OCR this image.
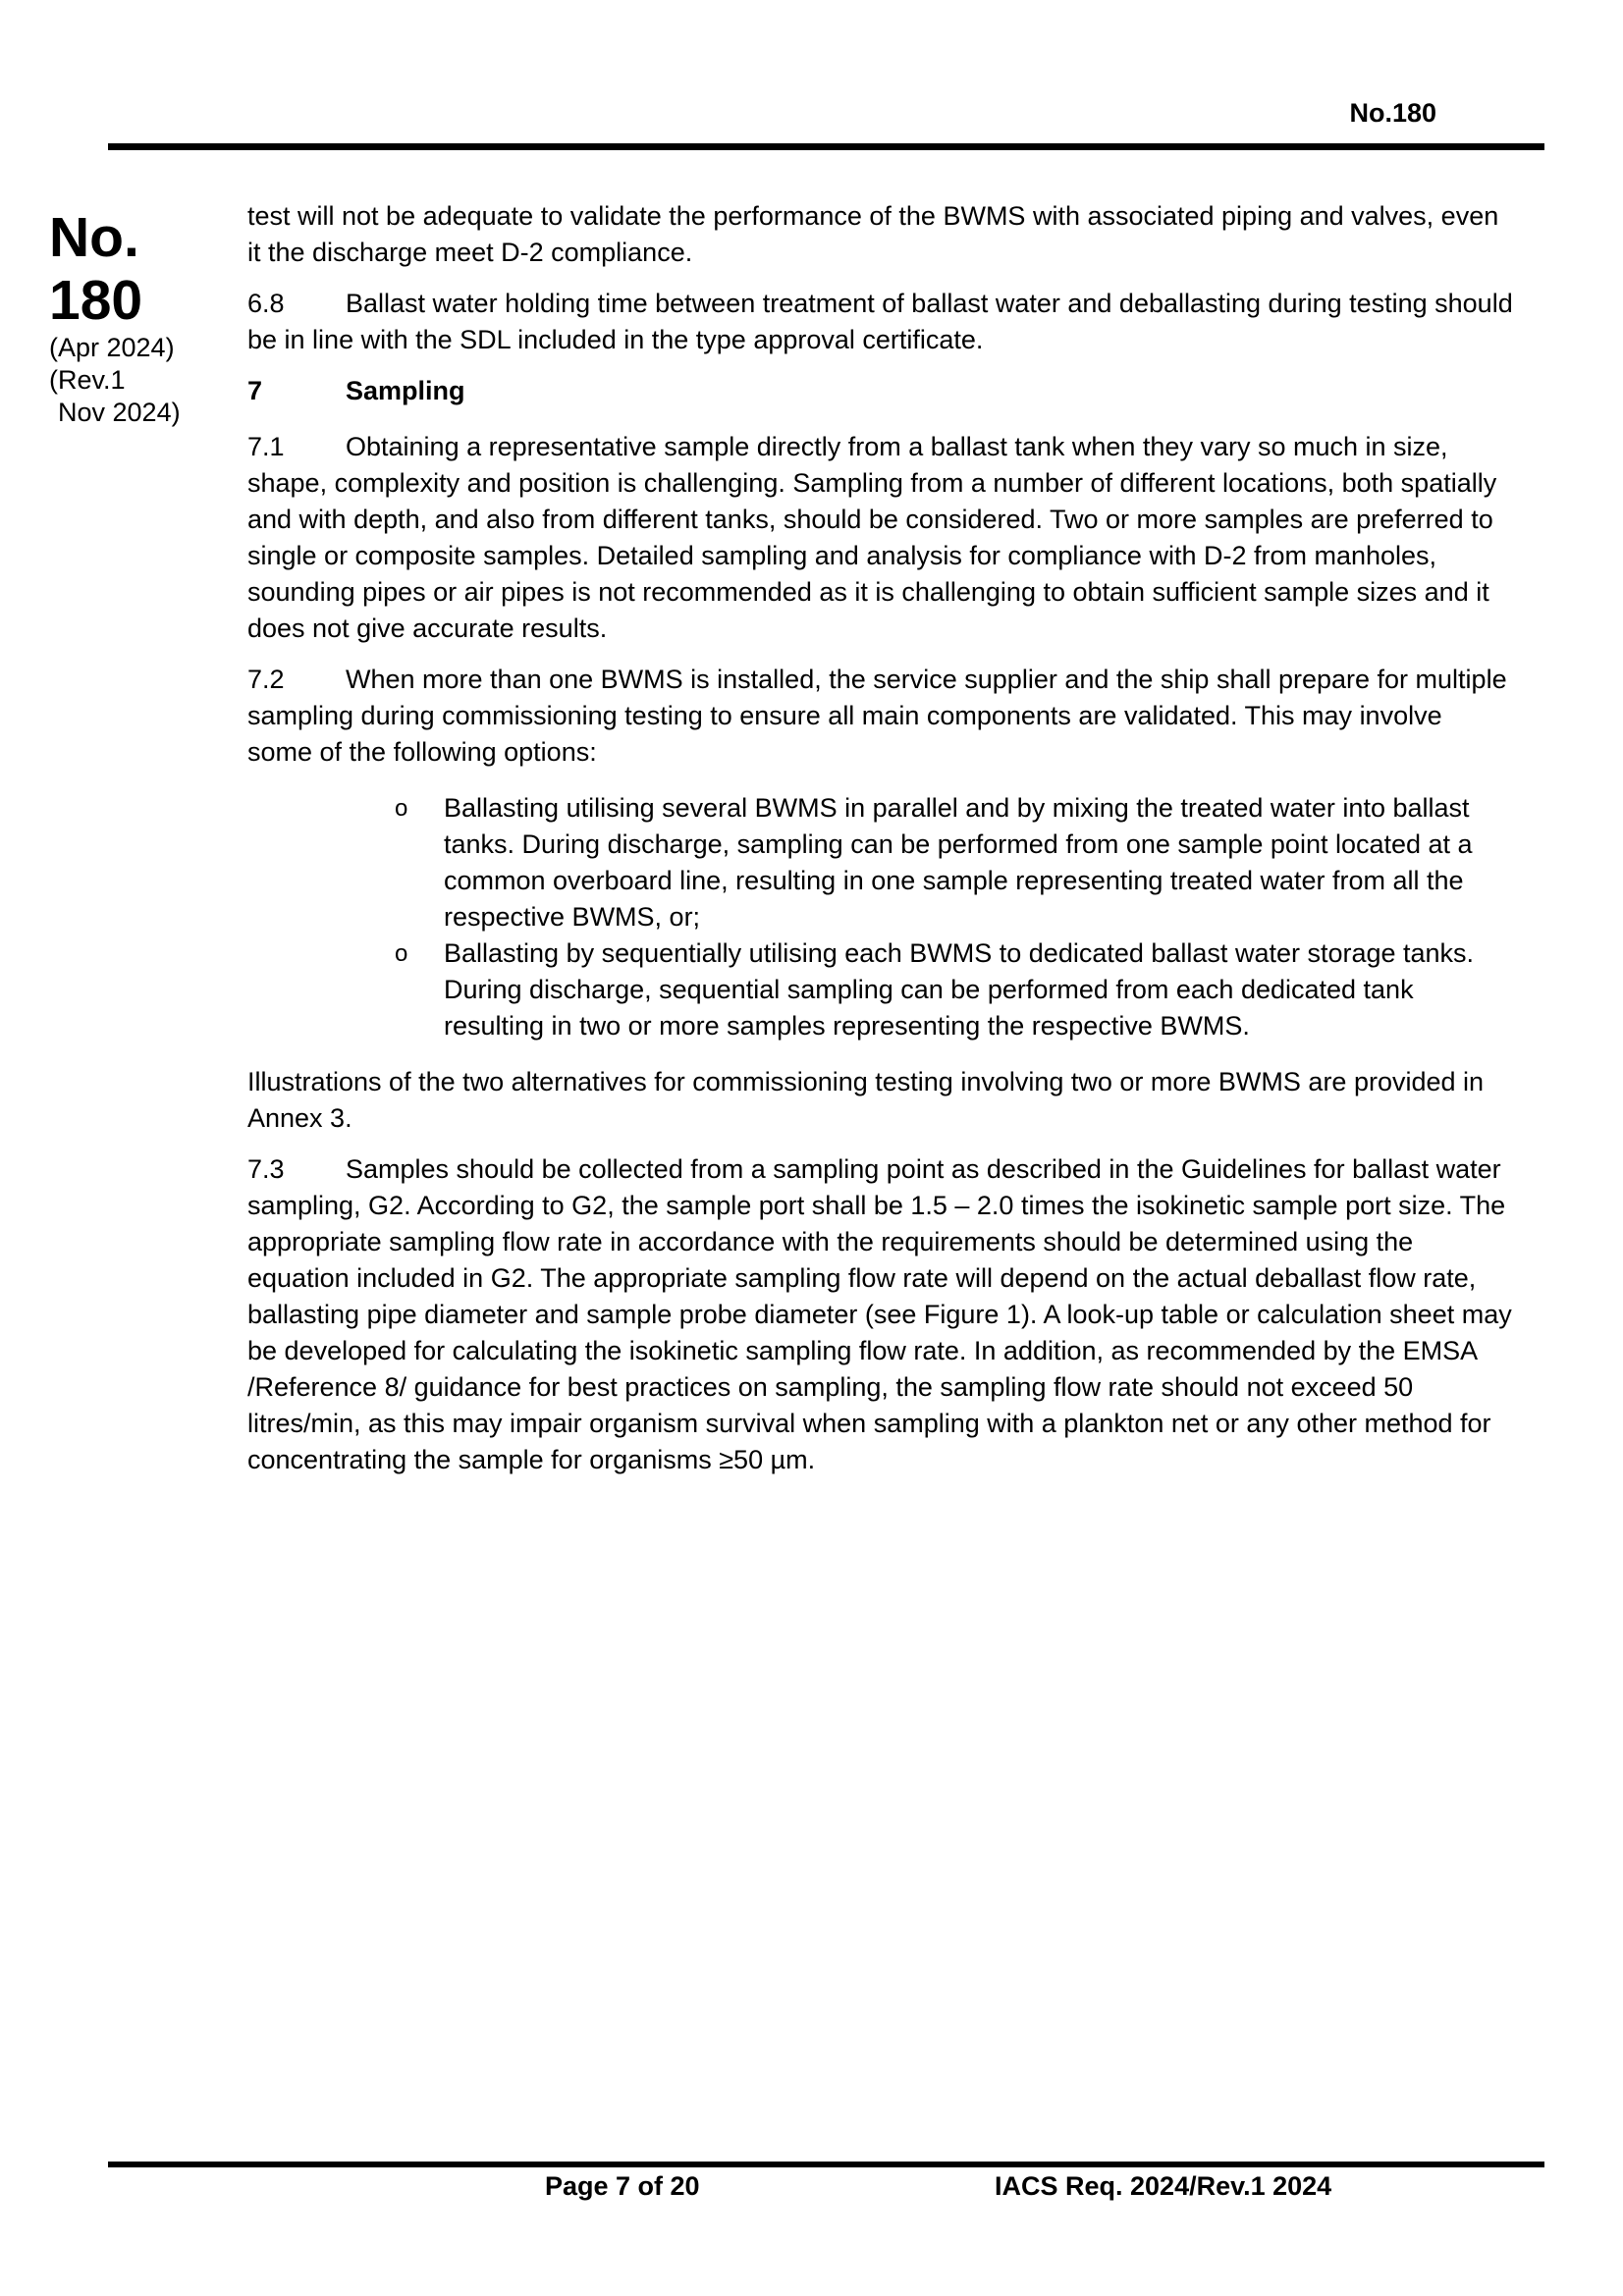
No.180
No.
180
(Apr 2024)
(Rev.1
Nov 2024)

test will not be adequate to validate the performance of the BWMS with associated piping and valves, even it the discharge meet D-2 compliance.

6.8 Ballast water holding time between treatment of ballast water and deballasting during testing should be in line with the SDL included in the type approval certificate.

7	Sampling

7.1 Obtaining a representative sample directly from a ballast tank when they vary so much in size, shape, complexity and position is challenging. Sampling from a number of different locations, both spatially and with depth, and also from different tanks, should be considered. Two or more samples are preferred to single or composite samples. Detailed sampling and analysis for compliance with D-2 from manholes, sounding pipes or air pipes is not recommended as it is challenging to obtain sufficient sample sizes and it does not give accurate results.

7.2 When more than one BWMS is installed, the service supplier and the ship shall prepare for multiple sampling during commissioning testing to ensure all main components are validated. This may involve some of the following options:

o Ballasting utilising several BWMS in parallel and by mixing the treated water into ballast tanks. During discharge, sampling can be performed from one sample point located at a common overboard line, resulting in one sample representing treated water from all the respective BWMS, or;
o Ballasting by sequentially utilising each BWMS to dedicated ballast water storage tanks. During discharge, sequential sampling can be performed from each dedicated tank resulting in two or more samples representing the respective BWMS.

Illustrations of the two alternatives for commissioning testing involving two or more BWMS are provided in Annex 3.

7.3 Samples should be collected from a sampling point as described in the Guidelines for ballast water sampling, G2. According to G2, the sample port shall be 1.5 – 2.0 times the isokinetic sample port size. The appropriate sampling flow rate in accordance with the requirements should be determined using the equation included in G2. The appropriate sampling flow rate will depend on the actual deballast flow rate, ballasting pipe diameter and sample probe diameter (see Figure 1). A look-up table or calculation sheet may be developed for calculating the isokinetic sampling flow rate. In addition, as recommended by the EMSA /Reference 8/ guidance for best practices on sampling, the sampling flow rate should not exceed 50 litres/min, as this may impair organism survival when sampling with a plankton net or any other method for concentrating the sample for organisms ≥50 µm.

Page 7 of 20	IACS Req. 2024/Rev.1 2024
